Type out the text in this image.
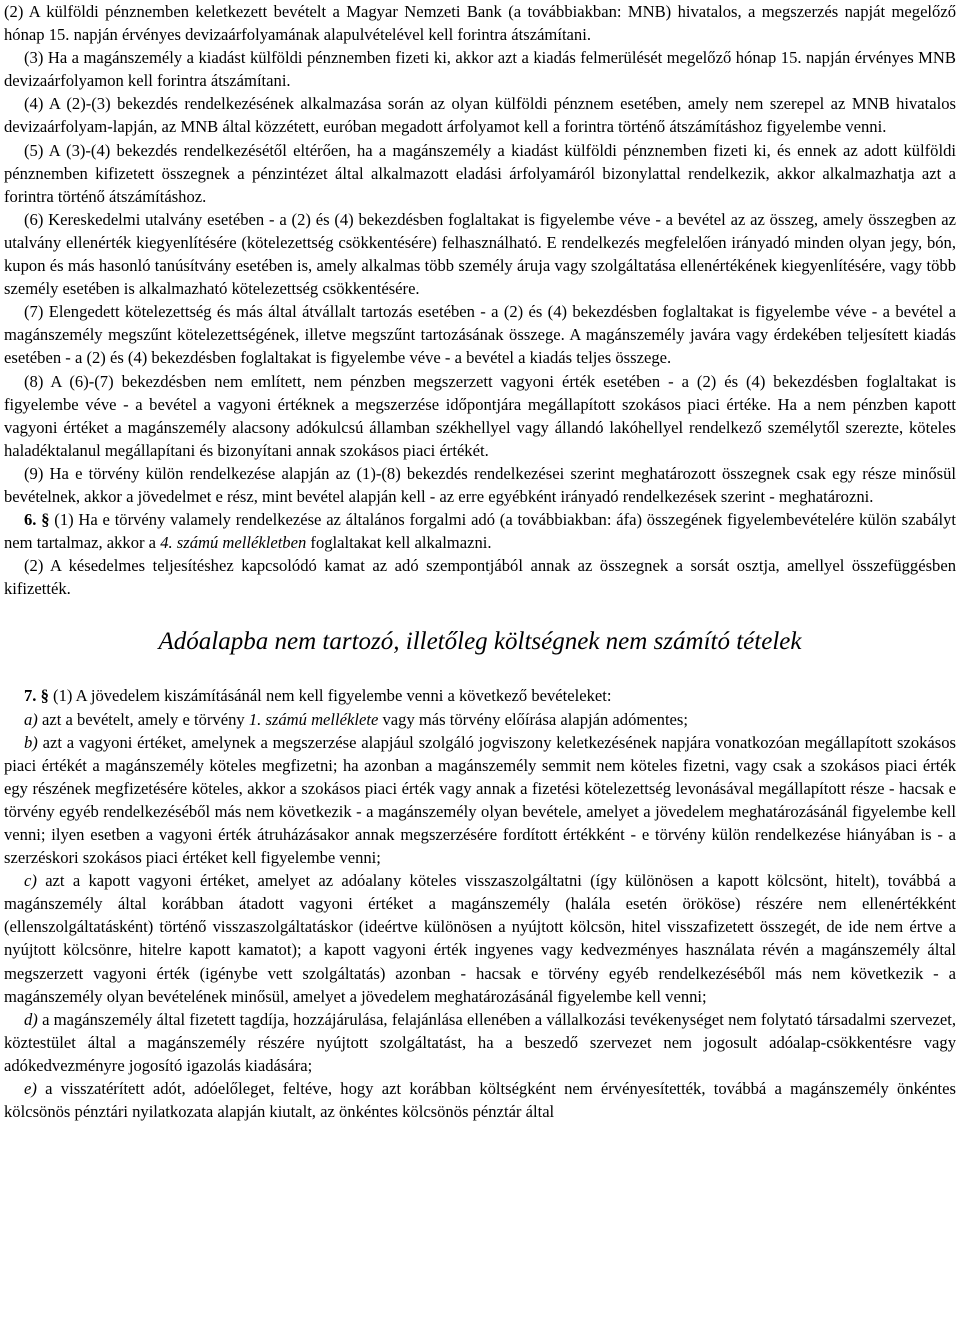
(2) A külföldi pénznemben keletkezett bevételt a Magyar Nemzeti Bank (a továbbiakban: MNB) hivatalos, a megszerzés napját megelőző hónap 15. napján érvényes devizaárfolyamának alapulvételével kell forintra átszámítani.

(3) Ha a magánszemély a kiadást külföldi pénznemben fizeti ki, akkor azt a kiadás felmerülését megelőző hónap 15. napján érvényes MNB devizaárfolyamon kell forintra átszámítani.

(4) A (2)-(3) bekezdés rendelkezésének alkalmazása során az olyan külföldi pénznem esetében, amely nem szerepel az MNB hivatalos devizaárfolyam-lapján, az MNB által közzétett, euróban megadott árfolyamot kell a forintra történő átszámításhoz figyelembe venni.

(5) A (3)-(4) bekezdés rendelkezésétől eltérően, ha a magánszemély a kiadást külföldi pénznemben fizeti ki, és ennek az adott külföldi pénznemben kifizetett összegnek a pénzintézet által alkalmazott eladási árfolyamáról bizonylattal rendelkezik, akkor alkalmazhatja azt a forintra történő átszámításhoz.

(6) Kereskedelmi utalvány esetében - a (2) és (4) bekezdésben foglaltakat is figyelembe véve - a bevétel az az összeg, amely összegben az utalvány ellenérték kiegyenlítésére (kötelezettség csökkentésére) felhasználható. E rendelkezés megfelelően irányadó minden olyan jegy, bón, kupon és más hasonló tanúsítvány esetében is, amely alkalmas több személy áruja vagy szolgáltatása ellenértékének kiegyenlítésére, vagy több személy esetében is alkalmazható kötelezettség csökkentésére.

(7) Elengedett kötelezettség és más által átvállalt tartozás esetében - a (2) és (4) bekezdésben foglaltakat is figyelembe véve - a bevétel a magánszemély megszűnt kötelezettségének, illetve megszűnt tartozásának összege. A magánszemély javára vagy érdekében teljesített kiadás esetében - a (2) és (4) bekezdésben foglaltakat is figyelembe véve - a bevétel a kiadás teljes összege.

(8) A (6)-(7) bekezdésben nem említett, nem pénzben megszerzett vagyoni érték esetében - a (2) és (4) bekezdésben foglaltakat is figyelembe véve - a bevétel a vagyoni értéknek a megszerzése időpontjára megállapított szokásos piaci értéke. Ha a nem pénzben kapott vagyoni értéket a magánszemély alacsony adókulcsú államban székhellyel vagy állandó lakóhellyel rendelkező személytől szerezte, köteles haladéktalanul megállapítani és bizonyítani annak szokásos piaci értékét.

(9) Ha e törvény külön rendelkezése alapján az (1)-(8) bekezdés rendelkezései szerint meghatározott összegnek csak egy része minősül bevételnek, akkor a jövedelmet e rész, mint bevétel alapján kell - az erre egyébként irányadó rendelkezések szerint - meghatározni.

6. § (1) Ha e törvény valamely rendelkezése az általános forgalmi adó (a továbbiakban: áfa) összegének figyelembevételére külön szabályt nem tartalmaz, akkor a 4. számú mellékletben foglaltakat kell alkalmazni.

(2) A késedelmes teljesítéshez kapcsolódó kamat az adó szempontjából annak az összegnek a sorsát osztja, amellyel összefüggésben kifizették.

Adóalapba nem tartozó, illetőleg költségnek nem számító tételek

7. § (1) A jövedelem kiszámításánál nem kell figyelembe venni a következő bevételeket:

a) azt a bevételt, amely e törvény 1. számú melléklete vagy más törvény előírása alapján adómentes;

b) azt a vagyoni értéket, amelynek a megszerzése alapjául szolgáló jogviszony keletkezésének napjára vonatkozóan megállapított szokásos piaci értékét a magánszemély köteles megfizetni; ha azonban a magánszemély semmit nem köteles fizetni, vagy csak a szokásos piaci érték egy részének megfizetésére köteles, akkor a szokásos piaci érték vagy annak a fizetési kötelezettség levonásával megállapított része - hacsak e törvény egyéb rendelkezéséből más nem következik - a magánszemély olyan bevétele, amelyet a jövedelem meghatározásánál figyelembe kell venni; ilyen esetben a vagyoni érték átruházásakor annak megszerzésére fordított értékként - e törvény külön rendelkezése hiányában is - a szerzéskori szokásos piaci értéket kell figyelembe venni;

c) azt a kapott vagyoni értéket, amelyet az adóalany köteles visszaszolgáltatni (így különösen a kapott kölcsönt, hitelt), továbbá a magánszemély által korábban átadott vagyoni értéket a magánszemély (halála esetén örököse) részére nem ellenértékként (ellenszolgáltatásként) történő visszaszolgáltatáskor (ideértve különösen a nyújtott kölcsön, hitel visszafizetett összegét, de ide nem értve a nyújtott kölcsönre, hitelre kapott kamatot); a kapott vagyoni érték ingyenes vagy kedvezményes használata révén a magánszemély által megszerzett vagyoni érték (igénybe vett szolgáltatás) azonban - hacsak e törvény egyéb rendelkezéséből más nem következik - a magánszemély olyan bevételének minősül, amelyet a jövedelem meghatározásánál figyelembe kell venni;

d) a magánszemély által fizetett tagdíja, hozzájárulása, felajánlása ellenében a vállalkozási tevékenységet nem folytató társadalmi szervezet, köztestület által a magánszemély részére nyújtott szolgáltatást, ha a beszedő szervezet nem jogosult adóalap-csökkentésre vagy adókedvezményre jogosító igazolás kiadására;

e) a visszatérített adót, adóelőleget, feltéve, hogy azt korábban költségként nem érvényesítették, továbbá a magánszemély önkéntes kölcsönös pénztári nyilatkozata alapján kiutalt, az önkéntes kölcsönös pénztár által
